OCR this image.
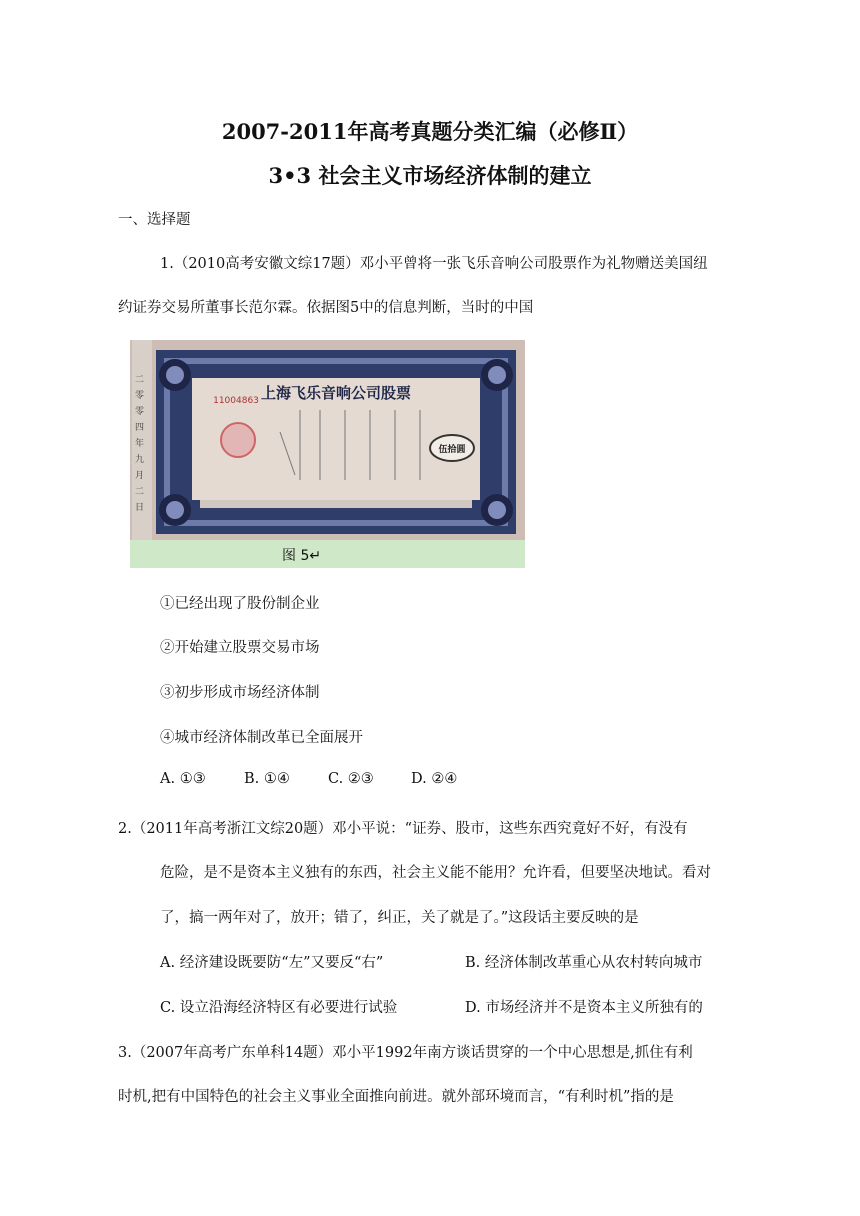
2007-2011年高考真题分类汇编（必修Ⅱ）
3•3 社会主义市场经济体制的建立
一、选择题
1.（2010高考安徽文综17题）邓小平曾将一张飞乐音响公司股票作为礼物赠送美国纽
约证券交易所董事长范尔霖。依据图5中的信息判断，当时的中国
二
零
零
四
年
九
月
二
日
上海飞乐音响公司股票
11004863
伍拾圆
图 5↵
①已经出现了股份制企业
②开始建立股票交易市场
③初步形成市场经济体制
④城市经济体制改革已全面展开
A. ①③	B. ①④	C. ②③	D. ②④
2.（2011年高考浙江文综20题）邓小平说：“证券、股市，这些东西究竟好不好，有没有
危险，是不是资本主义独有的东西，社会主义能不能用？允许看，但要坚决地试。看对
了，搞一两年对了，放开；错了，纠正，关了就是了。”这段话主要反映的是
A. 经济建设既要防“左”又要反“右”	B. 经济体制改革重心从农村转向城市
C. 设立沿海经济特区有必要进行试验	D. 市场经济并不是资本主义所独有的
3.（2007年高考广东单科14题）邓小平1992年南方谈话贯穿的一个中心思想是,抓住有利
时机,把有中国特色的社会主义事业全面推向前进。就外部环境而言，“有利时机”指的是
